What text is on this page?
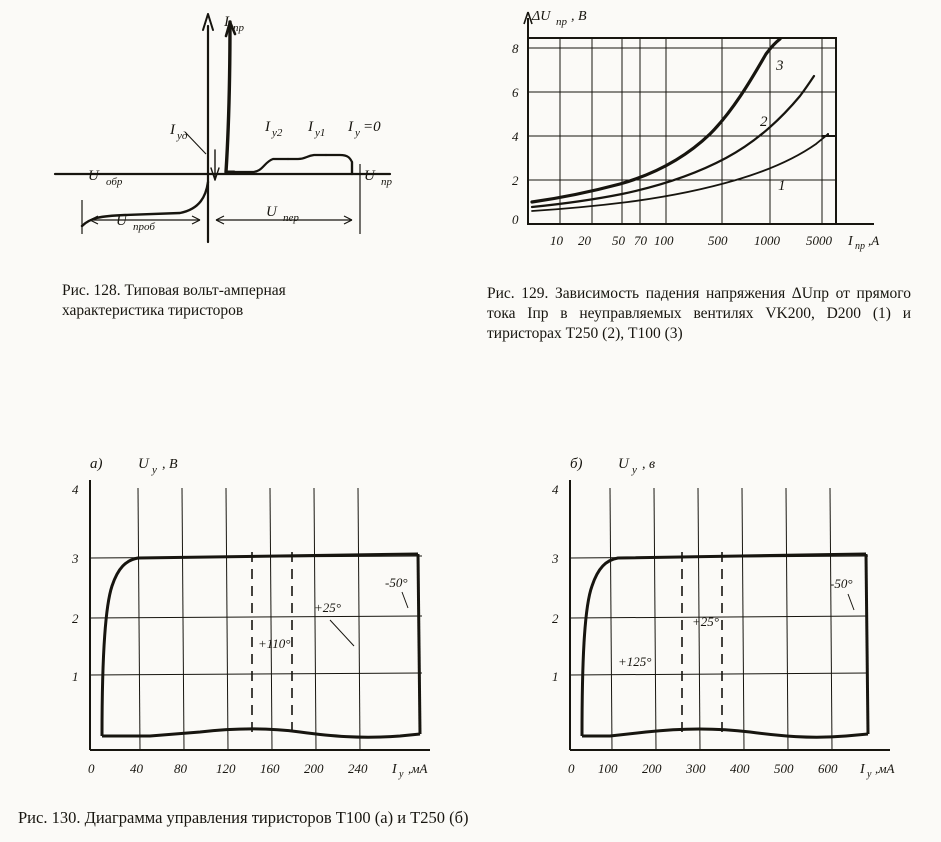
I пр
U обр	U пр
U проб
U пер
I уд
I у2 I у1 I у =0
Рис. 128. Типовая вольт-амперная характеристика тиристоров
ΔU пр , B
8
6
4
2
0
10 20 50 70 100	500 1000 5000 I пр ,A
3
2
1
Рис. 129. Зависимость падения напряжения ΔUпp от прямого тока Iпp в неуправляемых вентилях VK200, D200 (1) и тиристорах Т250 (2), Т100 (3)
а) U у , B
4
3
2
1
0	40 80 120 160 200 240 I у ,мА
+110°
+25°
-50°
б) U у , в
4
3
2
1
0 100 200 300 400 500 600 I у ,мА
+125°
+25°
-50°
Рис. 130. Диаграмма управления тиристоров Т100 (а) и Т250 (б)
